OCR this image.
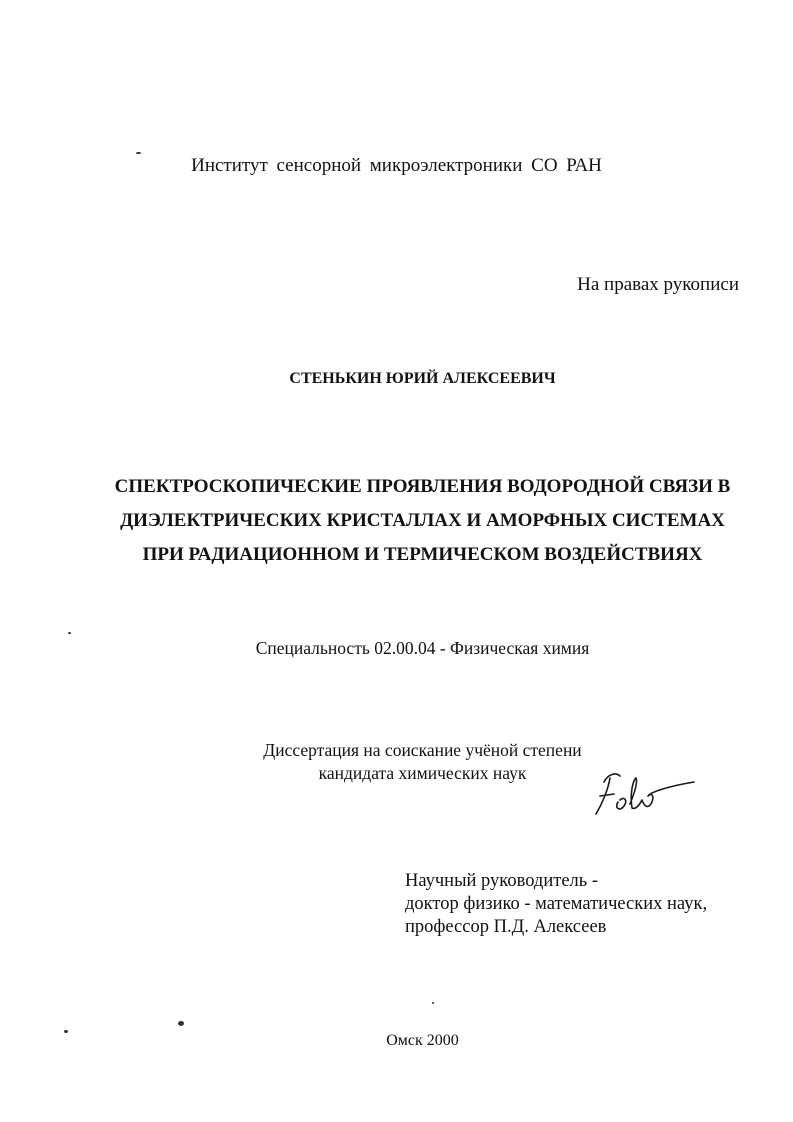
Институт сенсорной микроэлектроники СО РАН
На правах рукописи
СТЕНЬКИН ЮРИЙ АЛЕКСЕЕВИЧ
СПЕКТРОСКОПИЧЕСКИЕ ПРОЯВЛЕНИЯ ВОДОРОДНОЙ СВЯЗИ В
ДИЭЛЕКТРИЧЕСКИХ КРИСТАЛЛАХ И АМОРФНЫХ СИСТЕМАХ
ПРИ РАДИАЦИОННОМ И ТЕРМИЧЕСКОМ ВОЗДЕЙСТВИЯХ
Специальность 02.00.04 - Физическая химия
Диссертация на соискание учёной степени
кандидата химических наук
Научный руководитель -
доктор физико - математических наук,
профессор П.Д. Алексеев
Омск 2000
